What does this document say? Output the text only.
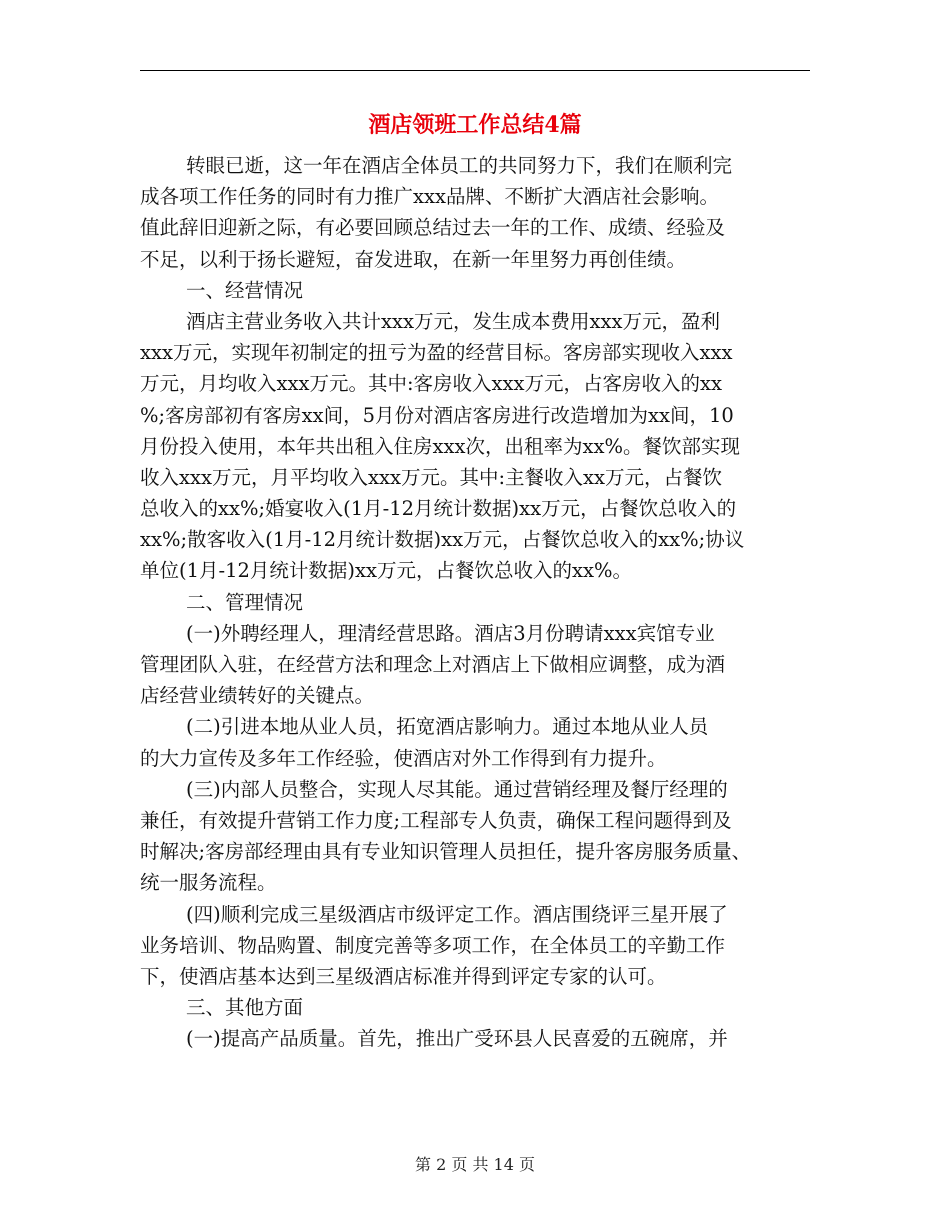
酒店领班工作总结4篇
转眼已逝，这一年在酒店全体员工的共同努力下，我们在顺利完
成各项工作任务的同时有力推广xxx品牌、不断扩大酒店社会影响。
值此辞旧迎新之际，有必要回顾总结过去一年的工作、成绩、经验及
不足，以利于扬长避短，奋发进取，在新一年里努力再创佳绩。
一、经营情况
酒店主营业务收入共计xxx万元，发生成本费用xxx万元，盈利
xxx万元，实现年初制定的扭亏为盈的经营目标。客房部实现收入xxx
万元，月均收入xxx万元。其中:客房收入xxx万元，占客房收入的xx
%;客房部初有客房xx间，5月份对酒店客房进行改造增加为xx间，10
月份投入使用，本年共出租入住房xxx次，出租率为xx%。餐饮部实现
收入xxx万元，月平均收入xxx万元。其中:主餐收入xx万元，占餐饮
总收入的xx%;婚宴收入(1月-12月统计数据)xx万元，占餐饮总收入的
xx%;散客收入(1月-12月统计数据)xx万元，占餐饮总收入的xx%;协议
单位(1月-12月统计数据)xx万元，占餐饮总收入的xx%。
二、管理情况
(一)外聘经理人，理清经营思路。酒店3月份聘请xxx宾馆专业
管理团队入驻，在经营方法和理念上对酒店上下做相应调整，成为酒
店经营业绩转好的关键点。
(二)引进本地从业人员，拓宽酒店影响力。通过本地从业人员
的大力宣传及多年工作经验，使酒店对外工作得到有力提升。
(三)内部人员整合，实现人尽其能。通过营销经理及餐厅经理的
兼任，有效提升营销工作力度;工程部专人负责，确保工程问题得到及
时解决;客房部经理由具有专业知识管理人员担任，提升客房服务质量、
统一服务流程。
(四)顺利完成三星级酒店市级评定工作。酒店围绕评三星开展了
业务培训、物品购置、制度完善等多项工作，在全体员工的辛勤工作
下，使酒店基本达到三星级酒店标准并得到评定专家的认可。
三、其他方面
(一)提高产品质量。首先，推出广受环县人民喜爱的五碗席，并
第 2 页 共 14 页
